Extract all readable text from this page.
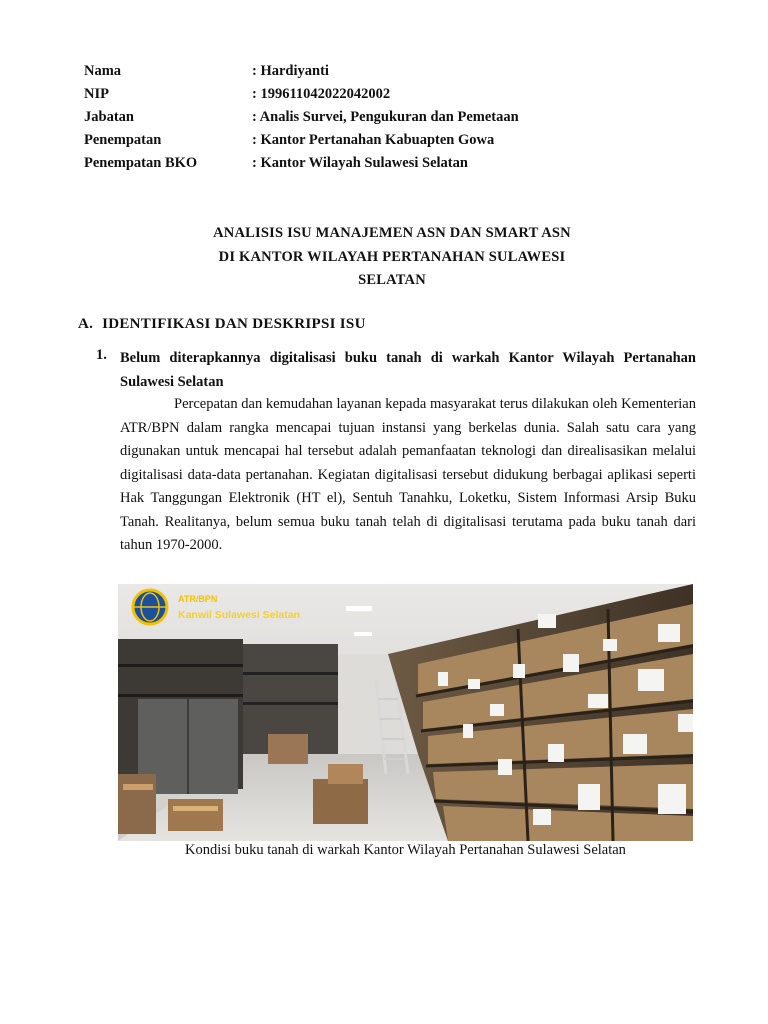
Nama	: Hardiyanti
NIP	: 199611042022042002
Jabatan	: Analis Survei, Pengukuran dan Pemetaan
Penempatan	: Kantor Pertanahan Kabuapten Gowa
Penempatan BKO	: Kantor Wilayah Sulawesi Selatan
ANALISIS ISU MANAJEMEN ASN DAN SMART ASN
DI KANTOR WILAYAH PERTANAHAN SULAWESI
SELATAN
A. IDENTIFIKASI DAN DESKRIPSI ISU
1. Belum diterapkannya digitalisasi buku tanah di warkah Kantor Wilayah Pertanahan Sulawesi Selatan

Percepatan dan kemudahan layanan kepada masyarakat terus dilakukan oleh Kementerian ATR/BPN dalam rangka mencapai tujuan instansi yang berkelas dunia. Salah satu cara yang digunakan untuk mencapai hal tersebut adalah pemanfaatan teknologi dan direalisasikan melalui digitalisasi data-data pertanahan. Kegiatan digitalisasi tersebut didukung berbagai aplikasi seperti Hak Tanggungan Elektronik (HT el), Sentuh Tanahku, Loketku, Sistem Informasi Arsip Buku Tanah. Realitanya, belum semua buku tanah telah di digitalisasi terutama pada buku tanah dari tahun 1970-2000.

ATR/BPN
Kanwil Sulawesi Selatan
Kondisi buku tanah di warkah Kantor Wilayah Pertanahan Sulawesi Selatan
